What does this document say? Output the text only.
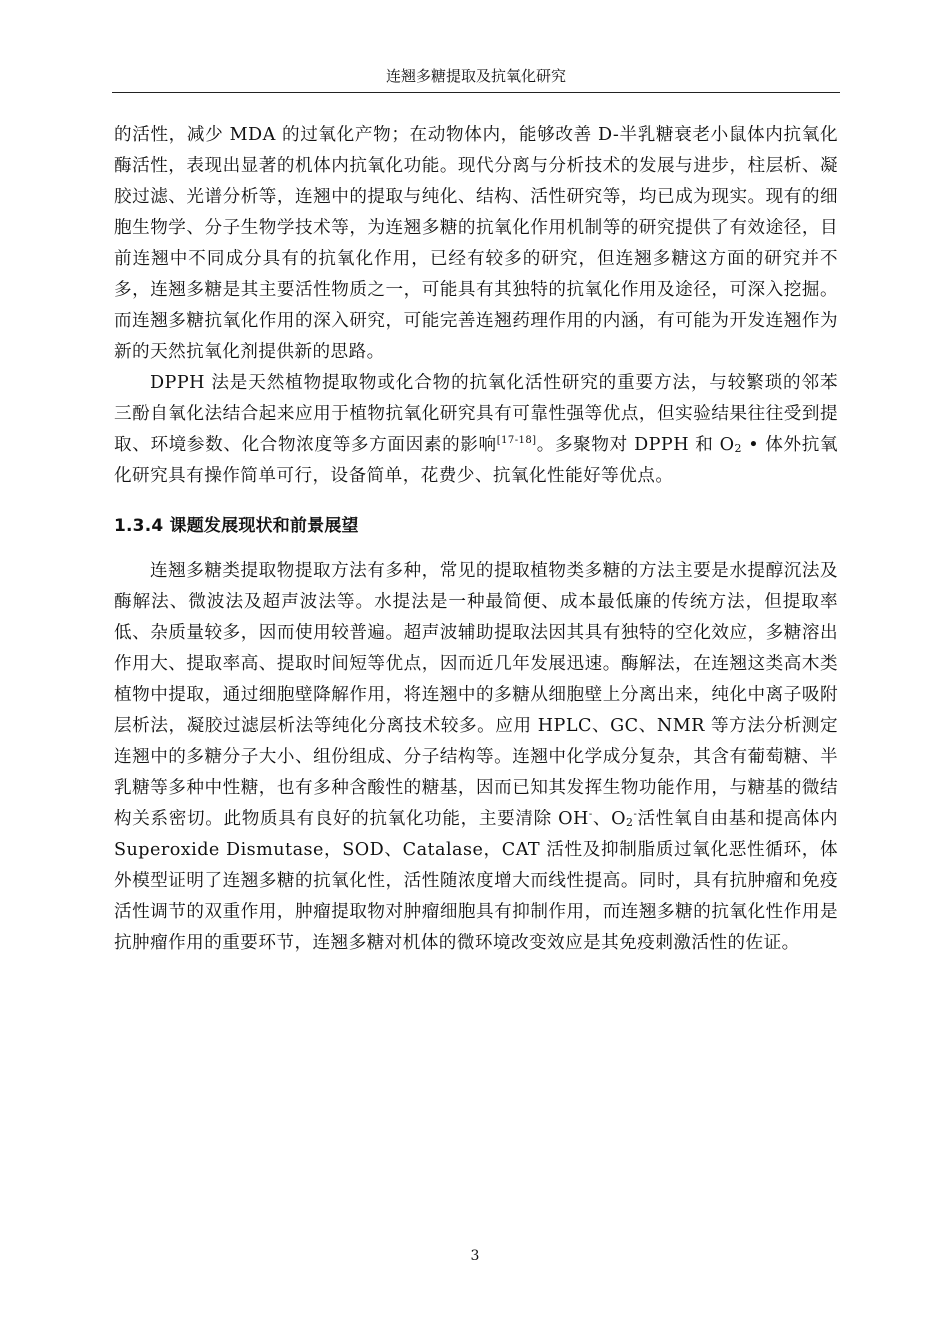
连翘多糖提取及抗氧化研究

的活性，减少 MDA 的过氧化产物；在动物体内，能够改善 D-半乳糖衰老小鼠体内抗氧化酶活性，表现出显著的机体内抗氧化功能。现代分离与分析技术的发展与进步，柱层析、凝胶过滤、光谱分析等，连翘中的提取与纯化、结构、活性研究等，均已成为现实。现有的细胞生物学、分子生物学技术等，为连翘多糖的抗氧化作用机制等的研究提供了有效途径，目前连翘中不同成分具有的抗氧化作用，已经有较多的研究，但连翘多糖这方面的研究并不多，连翘多糖是其主要活性物质之一，可能具有其独特的抗氧化作用及途径，可深入挖掘。而连翘多糖抗氧化作用的深入研究，可能完善连翘药理作用的内涵，有可能为开发连翘作为新的天然抗氧化剂提供新的思路。

DPPH 法是天然植物提取物或化合物的抗氧化活性研究的重要方法，与较繁琐的邻苯三酚自氧化法结合起来应用于植物抗氧化研究具有可靠性强等优点，但实验结果往往受到提取、环境参数、化合物浓度等多方面因素的影响[17-18]。多聚物对 DPPH 和 $O_2$ • 体外抗氧化研究具有操作简单可行，设备简单，花费少、抗氧化性能好等优点。

1.3.4 课题发展现状和前景展望

连翘多糖类提取物提取方法有多种，常见的提取植物类多糖的方法主要是水提醇沉法及酶解法、微波法及超声波法等。水提法是一种最简便、成本最低廉的传统方法，但提取率低、杂质量较多，因而使用较普遍。超声波辅助提取法因其具有独特的空化效应，多糖溶出作用大、提取率高、提取时间短等优点，因而近几年发展迅速。酶解法，在连翘这类高木类植物中提取，通过细胞壁降解作用，将连翘中的多糖从细胞壁上分离出来，纯化中离子吸附层析法，凝胶过滤层析法等纯化分离技术较多。应用 HPLC、GC、NMR 等方法分析测定连翘中的多糖分子大小、组份组成、分子结构等。连翘中化学成分复杂，其含有葡萄糖、半乳糖等多种中性糖，也有多种含酸性的糖基，因而已知其发挥生物功能作用，与糖基的微结构关系密切。此物质具有良好的抗氧化功能，主要清除 OH-、$O_2^-$活性氧自由基和提高体内 Superoxide Dismutase，SOD、Catalase，CAT 活性及抑制脂质过氧化恶性循环，体外模型证明了连翘多糖的抗氧化性，活性随浓度增大而线性提高。同时，具有抗肿瘤和免疫活性调节的双重作用，肿瘤提取物对肿瘤细胞具有抑制作用，而连翘多糖的抗氧化性作用是抗肿瘤作用的重要环节，连翘多糖对机体的微环境改变效应是其免疫刺激活性的佐证。

3
